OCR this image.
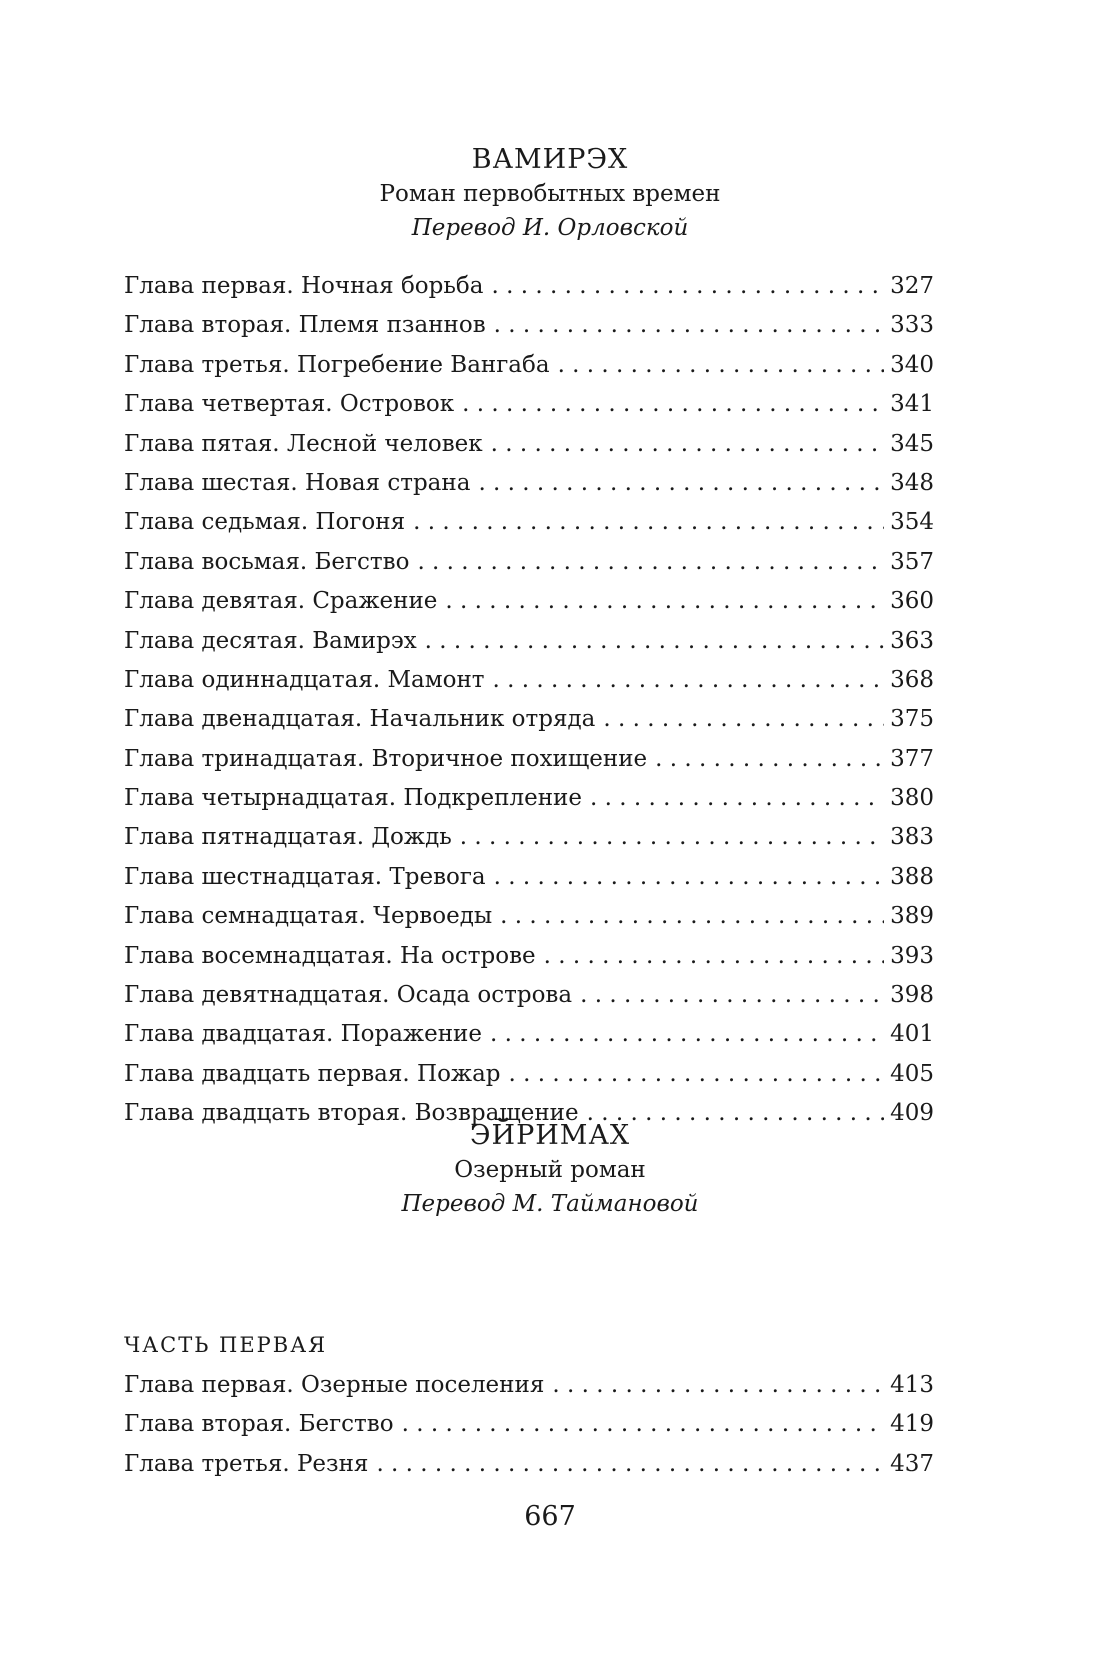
ВАМИРЭХ
Роман первобытных времен
Перевод И. Орловской
Глава первая. Ночная борьба . . .	327
Глава вторая. Племя пзаннов . . .	333
Глава третья. Погребение Вангаба . . .	340
Глава четвертая. Островок . . .	341
Глава пятая. Лесной человек . . .	345
Глава шестая. Новая страна . . .	348
Глава седьмая. Погоня . . .	354
Глава восьмая. Бегство . . .	357
Глава девятая. Сражение . . .	360
Глава десятая. Вамирэх . . .	363
Глава одиннадцатая. Мамонт . . .	368
Глава двенадцатая. Начальник отряда . . .	375
Глава тринадцатая. Вторичное похищение . . .	377
Глава четырнадцатая. Подкрепление . . .	380
Глава пятнадцатая. Дождь . . .	383
Глава шестнадцатая. Тревога . . .	388
Глава семнадцатая. Червоеды . . .	389
Глава восемнадцатая. На острове . . .	393
Глава девятнадцатая. Осада острова . . .	398
Глава двадцатая. Поражение . . .	401
Глава двадцать первая. Пожар . . .	405
Глава двадцать вторая. Возвращение . . .	409
ЭЙРИМАХ
Озерный роман
Перевод М. Таймановой
ЧАСТЬ ПЕРВАЯ
Глава первая. Озерные поселения . . .	413
Глава вторая. Бегство . . .	419
Глава третья. Резня . . .	437
667
